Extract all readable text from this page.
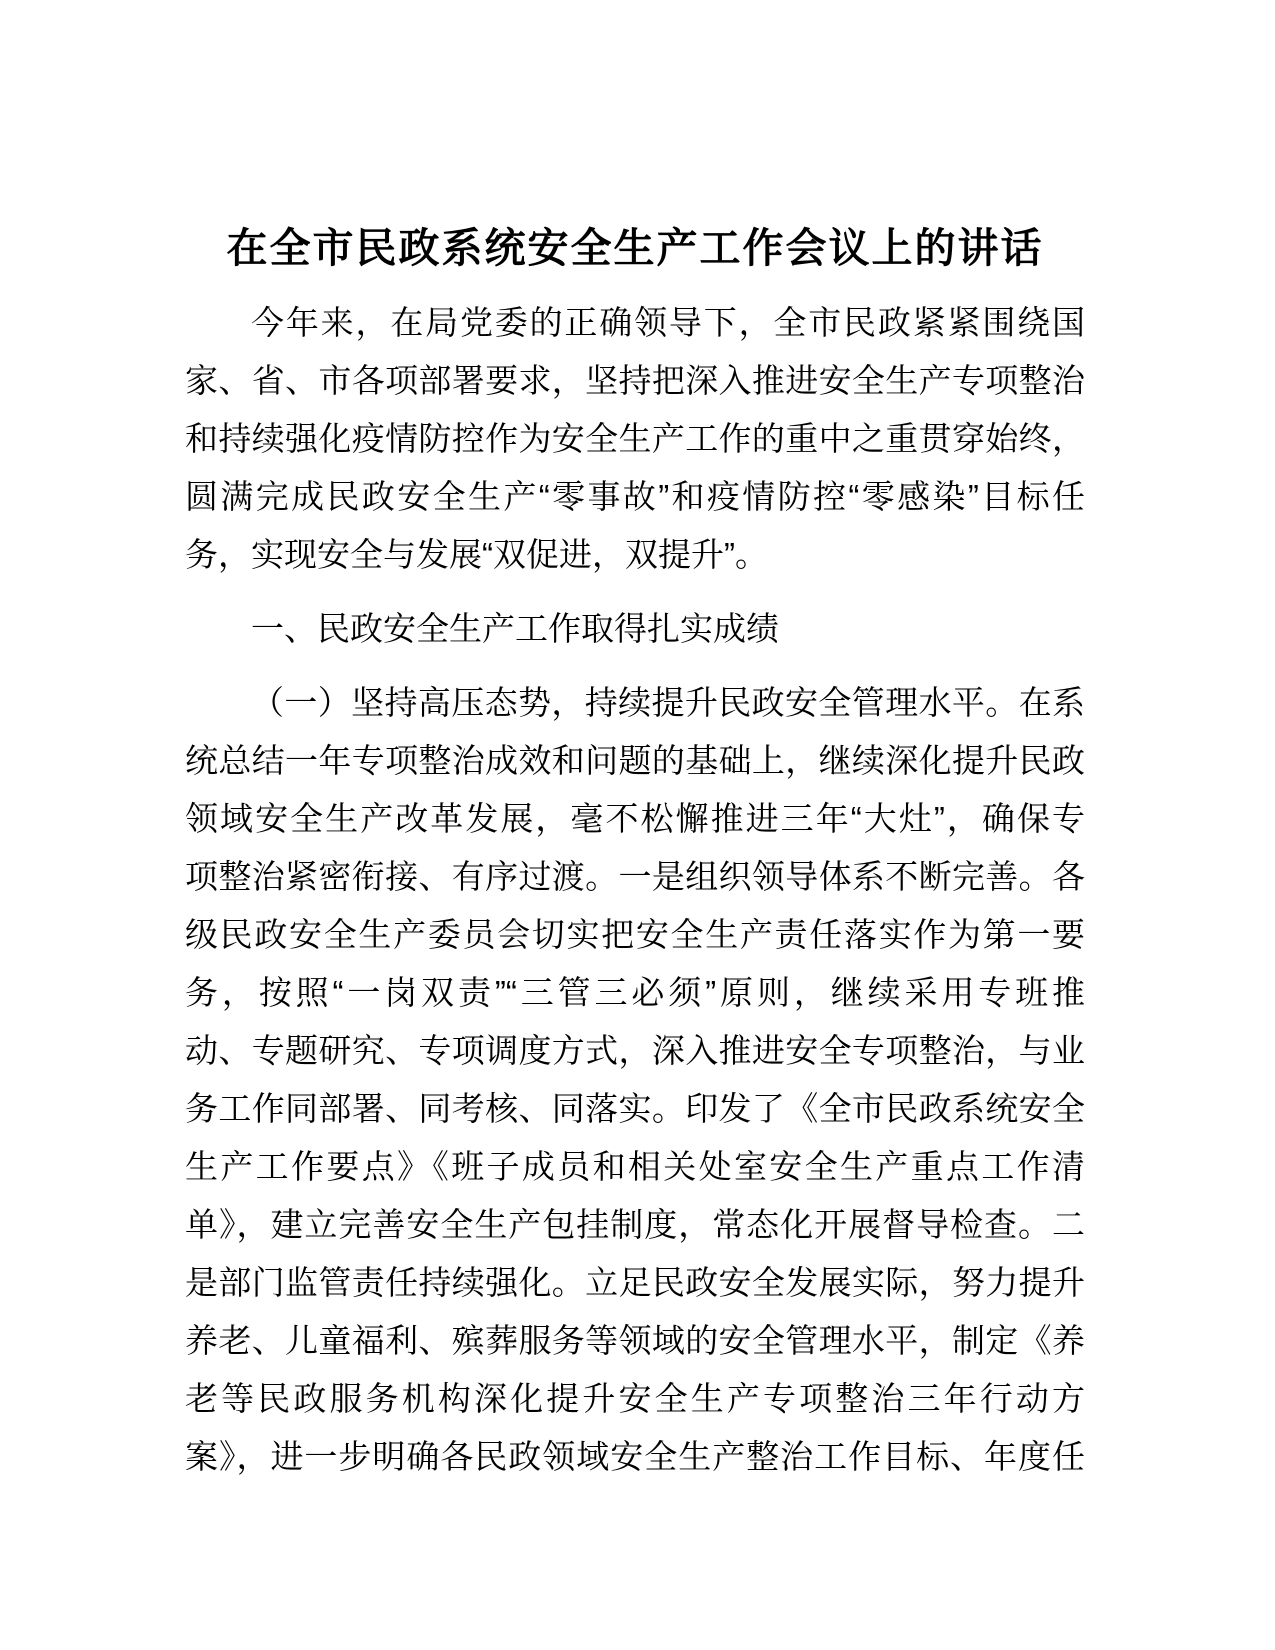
在全市民政系统安全生产工作会议上的讲话
今年来，在局党委的正确领导下，全市民政紧紧围绕国
家、省、市各项部署要求，坚持把深入推进安全生产专项整治
和持续强化疫情防控作为安全生产工作的重中之重贯穿始终，
圆满完成民政安全生产“零事故”和疫情防控“零感染”目标任
务，实现安全与发展“双促进，双提升”。
一、民政安全生产工作取得扎实成绩
（一）坚持高压态势，持续提升民政安全管理水平。在系
统总结一年专项整治成效和问题的基础上，继续深化提升民政
领域安全生产改革发展，毫不松懈推进三年“大灶”，确保专
项整治紧密衔接、有序过渡。一是组织领导体系不断完善。各
级民政安全生产委员会切实把安全生产责任落实作为第一要
务，按照“一岗双责”“三管三必须”原则，继续采用专班推
动、专题研究、专项调度方式，深入推进安全专项整治，与业
务工作同部署、同考核、同落实。印发了《全市民政系统安全
生产工作要点》《班子成员和相关处室安全生产重点工作清
单》，建立完善安全生产包挂制度，常态化开展督导检查。二
是部门监管责任持续强化。立足民政安全发展实际，努力提升
养老、儿童福利、殡葬服务等领域的安全管理水平，制定《养
老等民政服务机构深化提升安全生产专项整治三年行动方
案》，进一步明确各民政领域安全生产整治工作目标、年度任
